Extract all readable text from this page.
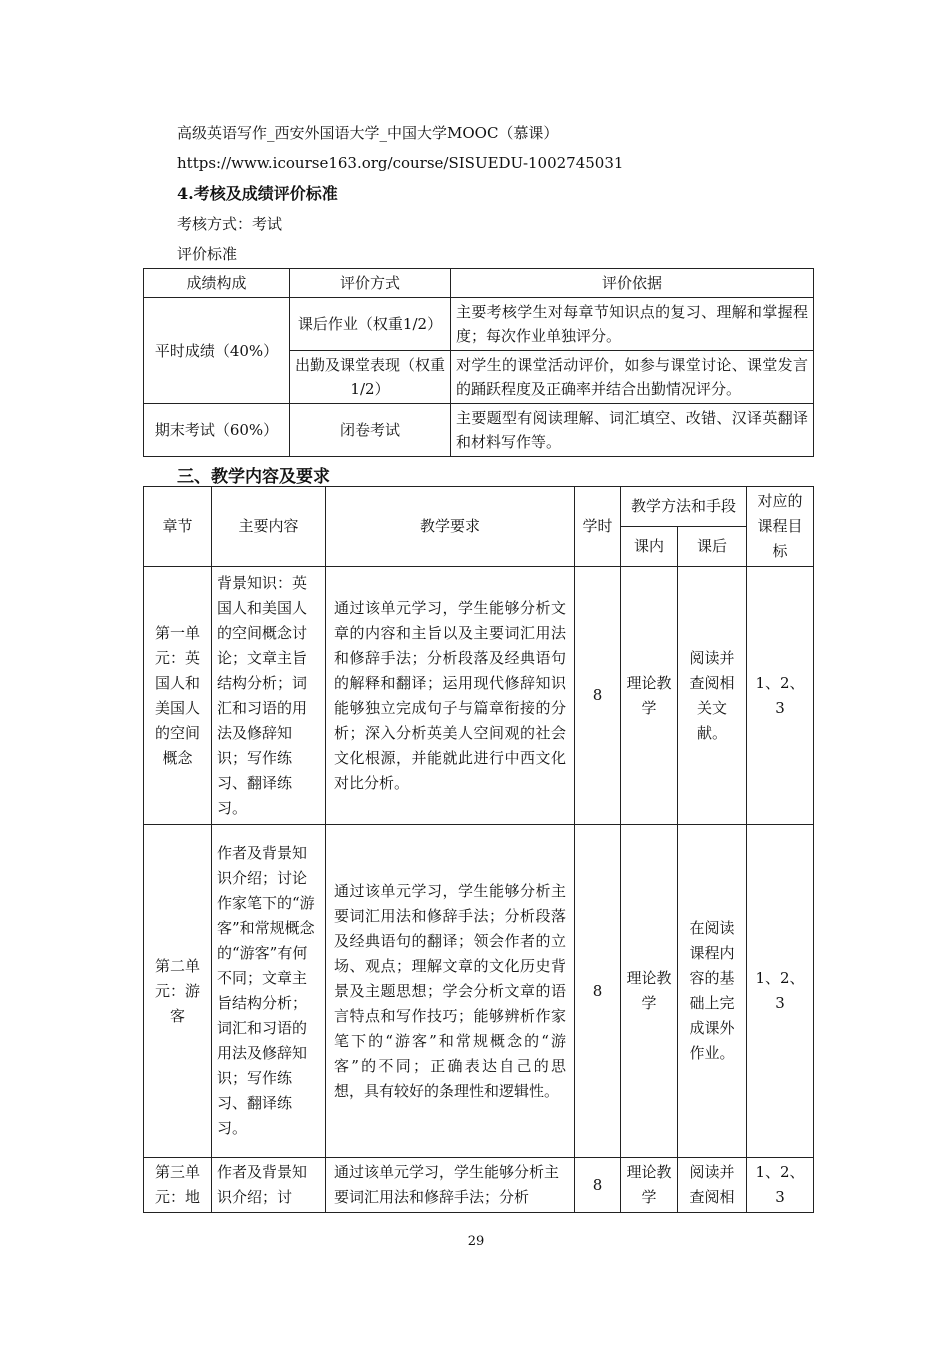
高级英语写作_西安外国语大学_中国大学MOOC（慕课）
https://www.icourse163.org/course/SISUEDU-1002745031
4.考核及成绩评价标准
考核方式：考试
评价标准
成绩构成	评价方式	评价依据
平时成绩（40%）	课后作业（权重1/2）	主要考核学生对每章节知识点的复习、理解和掌握程度；每次作业单独评分。
	出勤及课堂表现（权重1/2）	对学生的课堂活动评价，如参与课堂讨论、课堂发言的踊跃程度及正确率并结合出勤情况评分。
期末考试（60%）	闭卷考试	主要题型有阅读理解、词汇填空、改错、汉译英翻译和材料写作等。
三、教学内容及要求
章节	主要内容	教学要求	学时	教学方法和手段		对应的课程目标
				课内	课后	
第一单元：英国人和美国人的空间概念	背景知识：英国人和美国人的空间概念讨论；文章主旨结构分析；词汇和习语的用法及修辞知识；写作练习、翻译练习。	通过该单元学习，学生能够分析文章的内容和主旨以及主要词汇用法和修辞手法；分析段落及经典语句的解释和翻译；运用现代修辞知识能够独立完成句子与篇章衔接的分析；深入分析英美人空间观的社会文化根源，并能就此进行中西文化对比分析。	8	理论教学	阅读并查阅相关文献。	1、2、3
第二单元：游客	作者及背景知识介绍；讨论作家笔下的“游客”和常规概念的“游客”有何不同；文章主旨结构分析；词汇和习语的用法及修辞知识；写作练习、翻译练习。	通过该单元学习，学生能够分析主要词汇用法和修辞手法；分析段落及经典语句的翻译；领会作者的立场、观点；理解文章的文化历史背景及主题思想；学会分析文章的语言特点和写作技巧；能够辨析作家笔下的“游客”和常规概念的“游客”的不同；正确表达自己的思想，具有较好的条理性和逻辑性。	8	理论教学	在阅读课程内容的基础上完成课外作业。	1、2、3
第三单元：地	作者及背景知识介绍；讨	通过该单元学习，学生能够分析主要词汇用法和修辞手法；分析	8	理论教学	阅读并查阅相	1、2、3
29
